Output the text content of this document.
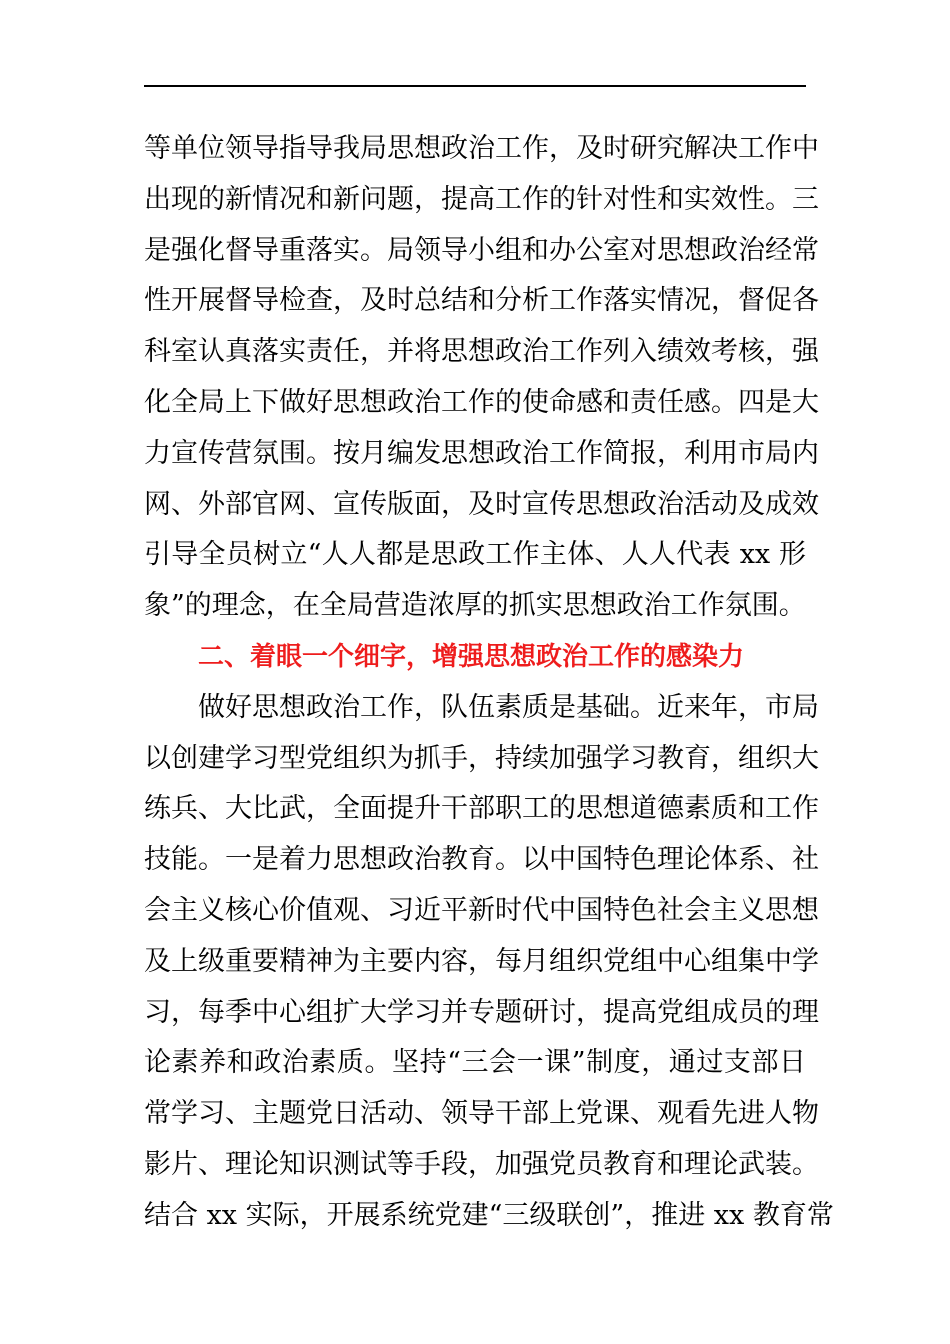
等单位领导指导我局思想政治工作，及时研究解决工作中
出现的新情况和新问题，提高工作的针对性和实效性。三
是强化督导重落实。局领导小组和办公室对思想政治经常
性开展督导检查，及时总结和分析工作落实情况，督促各
科室认真落实责任，并将思想政治工作列入绩效考核，强
化全局上下做好思想政治工作的使命感和责任感。四是大
力宣传营氛围。按月编发思想政治工作简报，利用市局内
网、外部官网、宣传版面，及时宣传思想政治活动及成效
引导全员树立“人人都是思政工作主体、人人代表 xx 形
象”的理念，在全局营造浓厚的抓实思想政治工作氛围。
二、着眼一个细字，增强思想政治工作的感染力
做好思想政治工作，队伍素质是基础。近来年，市局
以创建学习型党组织为抓手，持续加强学习教育，组织大
练兵、大比武，全面提升干部职工的思想道德素质和工作
技能。一是着力思想政治教育。以中国特色理论体系、社
会主义核心价值观、习近平新时代中国特色社会主义思想
及上级重要精神为主要内容，每月组织党组中心组集中学
习，每季中心组扩大学习并专题研讨，提高党组成员的理
论素养和政治素质。坚持“三会一课”制度，通过支部日
常学习、主题党日活动、领导干部上党课、观看先进人物
影片、理论知识测试等手段，加强党员教育和理论武装。
结合 xx 实际，开展系统党建“三级联创”，推进 xx 教育常
